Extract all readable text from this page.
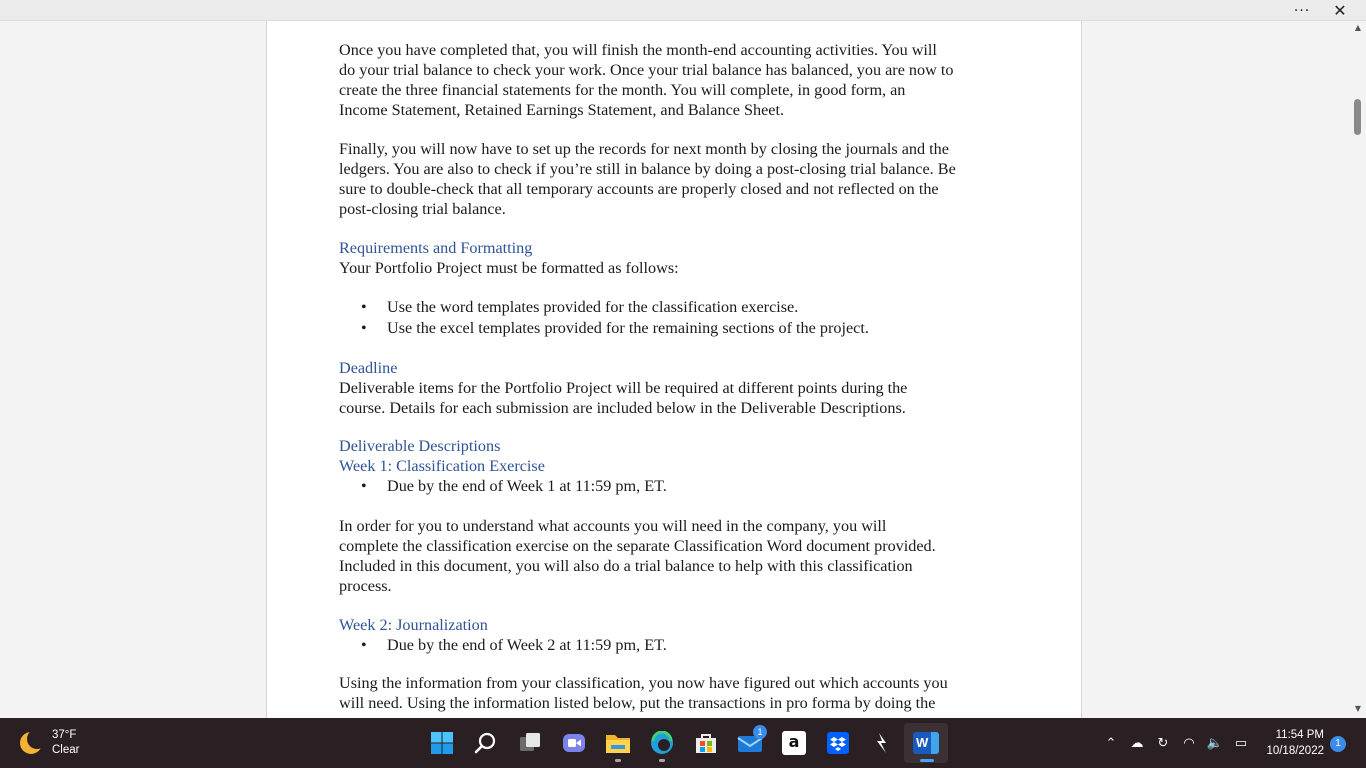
···	✕

Once you have completed that, you will finish the month-end accounting activities. You will
do your trial balance to check your work. Once your trial balance has balanced, you are now to
create the three financial statements for the month. You will complete, in good form, an
Income Statement, Retained Earnings Statement, and Balance Sheet.

Finally, you will now have to set up the records for next month by closing the journals and the
ledgers. You are also to check if you’re still in balance by doing a post-closing trial balance. Be
sure to double-check that all temporary accounts are properly closed and not reflected on the
post-closing trial balance.

Requirements and Formatting

Your Portfolio Project must be formatted as follows:

• Use the word templates provided for the classification exercise.
• Use the excel templates provided for the remaining sections of the project.

Deadline

Deliverable items for the Portfolio Project will be required at different points during the
course. Details for each submission are included below in the Deliverable Descriptions.

Deliverable Descriptions

Week 1: Classification Exercise

• Due by the end of Week 1 at 11:59 pm, ET.

In order for you to understand what accounts you will need in the company, you will
complete the classification exercise on the separate Classification Word document provided.
Included in this document, you will also do a trial balance to help with this classification
process.

Week 2: Journalization

• Due by the end of Week 2 at 11:59 pm, ET.

Using the information from your classification, you now have figured out which accounts you
will need. Using the information listed below, put the transactions in pro forma by doing the

▲
▼
37°F
Clear
1	a	W	⌃	☁	↻	◠ 🔈 ▭
11:54 PM
10/18/2022
1
